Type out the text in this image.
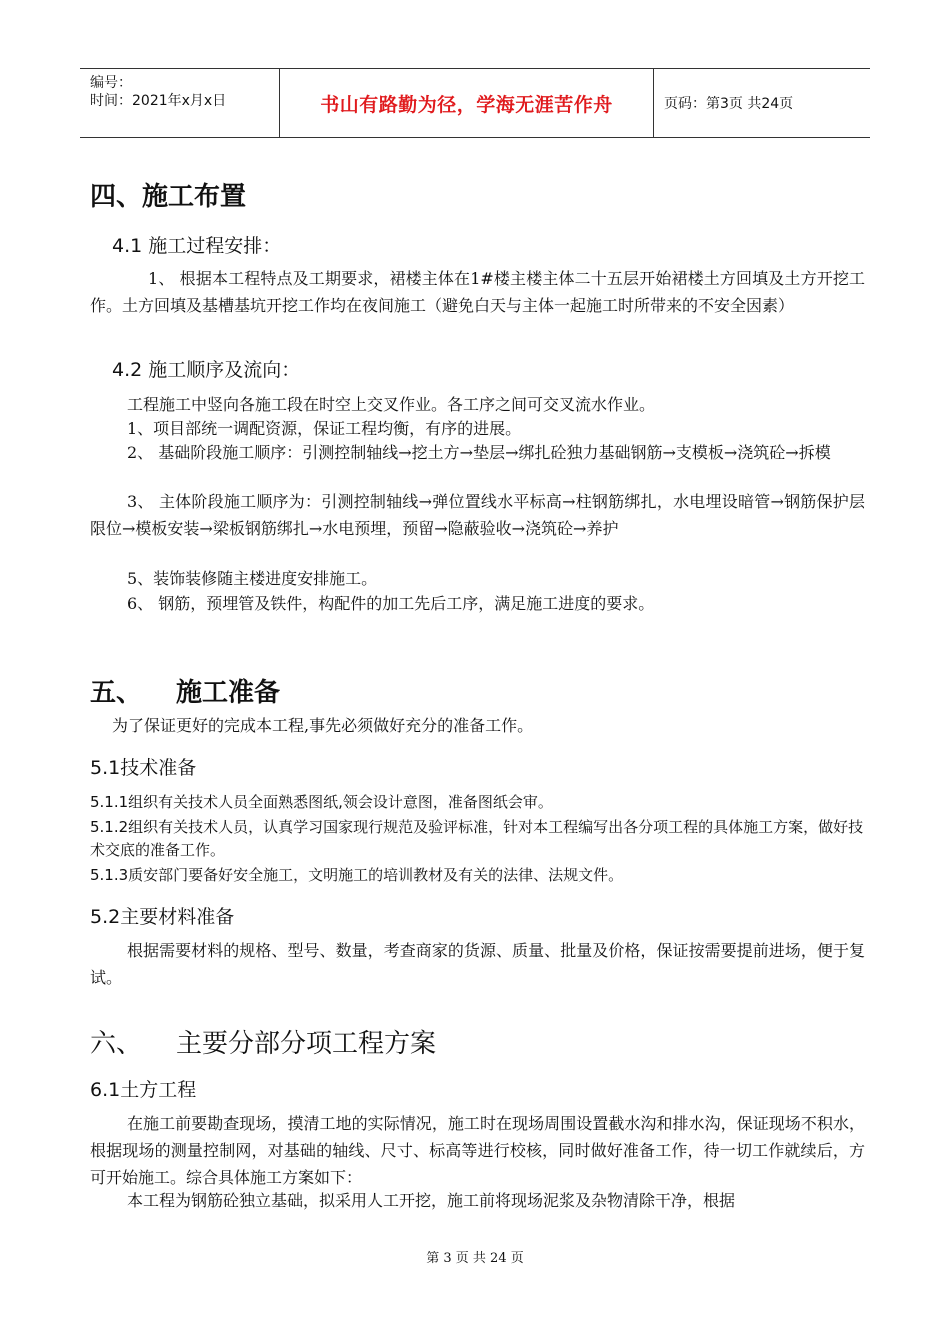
编号：
时间：2021年x月x日	书山有路勤为径，学海无涯苦作舟	页码：第3页 共24页
四、施工布置
4.1 施工过程安排：
1、 根据本工程特点及工期要求，裙楼主体在1#楼主楼主体二十五层开始裙楼土方回填及土方开挖工作。土方回填及基槽基坑开挖工作均在夜间施工（避免白天与主体一起施工时所带来的不安全因素）
4.2 施工顺序及流向：
工程施工中竖向各施工段在时空上交叉作业。各工序之间可交叉流水作业。
1、项目部统一调配资源，保证工程均衡，有序的进展。
2、 基础阶段施工顺序：引测控制轴线→挖土方→垫层→绑扎砼独力基础钢筋→支模板→浇筑砼→拆模
3、 主体阶段施工顺序为：引测控制轴线→弹位置线水平标高→柱钢筋绑扎，水电埋设暗管→钢筋保护层限位→模板安装→梁板钢筋绑扎→水电预埋，预留→隐蔽验收→浇筑砼→养护
5、装饰装修随主楼进度安排施工。
6、 钢筋，预埋管及铁件，构配件的加工先后工序，满足施工进度的要求。
五、 施工准备
为了保证更好的完成本工程,事先必须做好充分的准备工作。
5.1技术准备
5.1.1组织有关技术人员全面熟悉图纸,领会设计意图，准备图纸会审。
5.1.2组织有关技术人员，认真学习国家现行规范及验评标准，针对本工程编写出各分项工程的具体施工方案，做好技术交底的准备工作。
5.1.3质安部门要备好安全施工，文明施工的培训教材及有关的法律、法规文件。
5.2主要材料准备
根据需要材料的规格、型号、数量，考查商家的货源、质量、批量及价格，保证按需要提前进场，便于复试。
六、 主要分部分项工程方案
6.1土方工程
在施工前要勘查现场，摸清工地的实际情况，施工时在现场周围设置截水沟和排水沟，保证现场不积水，根据现场的测量控制网，对基础的轴线、尺寸、标高等进行校核，同时做好准备工作，待一切工作就续后，方可开始施工。综合具体施工方案如下：
本工程为钢筋砼独立基础，拟采用人工开挖，施工前将现场泥浆及杂物清除干净，根据
第 3 页 共 24 页
